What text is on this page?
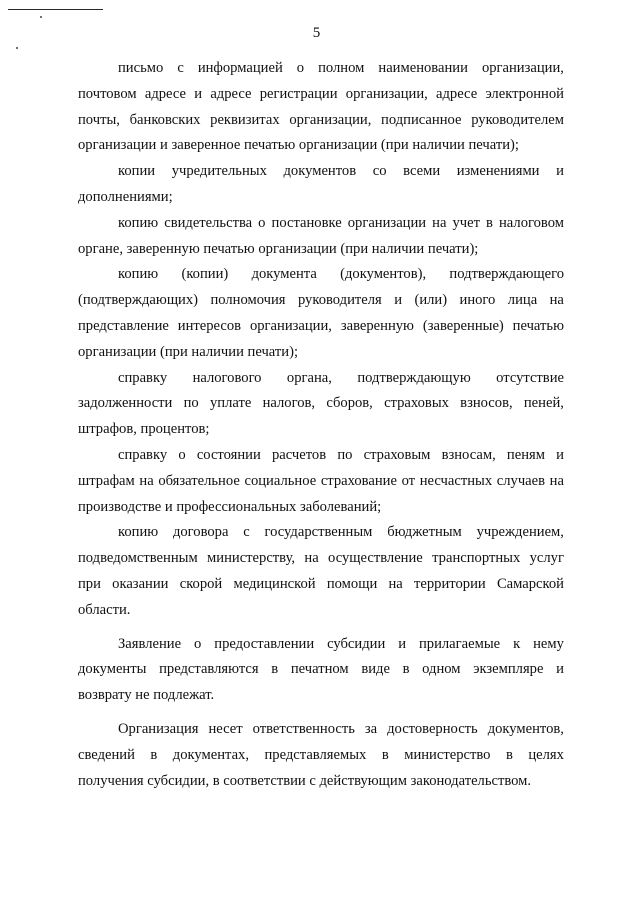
5
письмо с информацией о полном наименовании организации,
почтовом адресе и адресе регистрации организации, адресе электронной
почты, банковских реквизитах организации, подписанное руководителем
организации и заверенное печатью организации (при наличии печати);
копии учредительных документов со всеми изменениями и
дополнениями;
копию свидетельства о постановке организации на учет в налоговом
органе, заверенную печатью организации (при наличии печати);
копию (копии) документа (документов), подтверждающего
(подтверждающих) полномочия руководителя и (или) иного лица на
представление интересов организации, заверенную (заверенные) печатью
организации (при наличии печати);
справку налогового органа, подтверждающую отсутствие
задолженности по уплате налогов, сборов, страховых взносов, пеней,
штрафов, процентов;
справку о состоянии расчетов по страховым взносам, пеням и
штрафам на обязательное социальное страхование от несчастных случаев на
производстве и профессиональных заболеваний;
копию договора с государственным бюджетным учреждением,
подведомственным министерству, на осуществление транспортных услуг
при оказании скорой медицинской помощи на территории Самарской
области.
Заявление о предоставлении субсидии и прилагаемые к нему
документы представляются в печатном виде в одном экземпляре и
возврату не подлежат.
Организация несет ответственность за достоверность документов,
сведений в документах, представляемых в министерство в целях
получения субсидии, в соответствии с действующим законодательством.
